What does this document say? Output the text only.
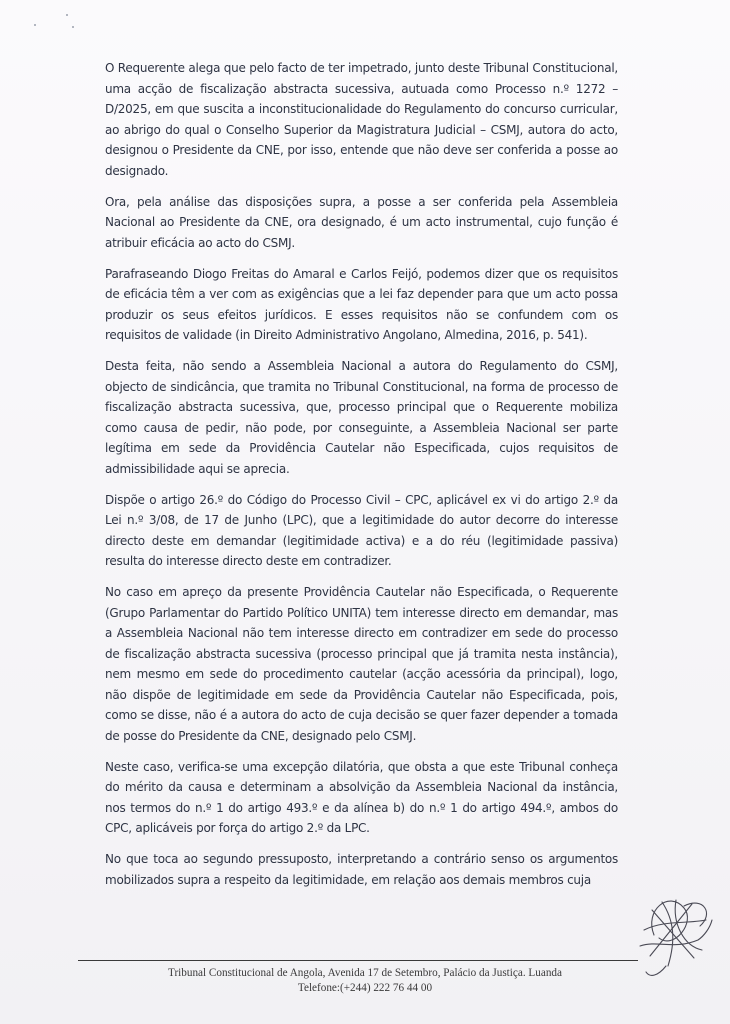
O Requerente alega que pelo facto de ter impetrado, junto deste Tribunal Constitucional, uma acção de fiscalização abstracta sucessiva, autuada como Processo n.º 1272 – D/2025, em que suscita a inconstitucionalidade do Regulamento do concurso curricular, ao abrigo do qual o Conselho Superior da Magistratura Judicial – CSMJ, autora do acto, designou o Presidente da CNE, por isso, entende que não deve ser conferida a posse ao designado.

Ora, pela análise das disposições supra, a posse a ser conferida pela Assembleia Nacional ao Presidente da CNE, ora designado, é um acto instrumental, cujo função é atribuir eficácia ao acto do CSMJ.

Parafraseando Diogo Freitas do Amaral e Carlos Feijó, podemos dizer que os requisitos de eficácia têm a ver com as exigências que a lei faz depender para que um acto possa produzir os seus efeitos jurídicos. E esses requisitos não se confundem com os requisitos de validade (in Direito Administrativo Angolano, Almedina, 2016, p. 541).

Desta feita, não sendo a Assembleia Nacional a autora do Regulamento do CSMJ, objecto de sindicância, que tramita no Tribunal Constitucional, na forma de processo de fiscalização abstracta sucessiva, que, processo principal que o Requerente mobiliza como causa de pedir, não pode, por conseguinte, a Assembleia Nacional ser parte legítima em sede da Providência Cautelar não Especificada, cujos requisitos de admissibilidade aqui se aprecia.

Dispõe o artigo 26.º do Código do Processo Civil – CPC, aplicável ex vi do artigo 2.º da Lei n.º 3/08, de 17 de Junho (LPC), que a legitimidade do autor decorre do interesse directo deste em demandar (legitimidade activa) e a do réu (legitimidade passiva) resulta do interesse directo deste em contradizer.

No caso em apreço da presente Providência Cautelar não Especificada, o Requerente (Grupo Parlamentar do Partido Político UNITA) tem interesse directo em demandar, mas a Assembleia Nacional não tem interesse directo em contradizer em sede do processo de fiscalização abstracta sucessiva (processo principal que já tramita nesta instância), nem mesmo em sede do procedimento cautelar (acção acessória da principal), logo, não dispõe de legitimidade em sede da Providência Cautelar não Especificada, pois, como se disse, não é a autora do acto de cuja decisão se quer fazer depender a tomada de posse do Presidente da CNE, designado pelo CSMJ.

Neste caso, verifica-se uma excepção dilatória, que obsta a que este Tribunal conheça do mérito da causa e determinam a absolvição da Assembleia Nacional da instância, nos termos do n.º 1 do artigo 493.º e da alínea b) do n.º 1 do artigo 494.º, ambos do CPC, aplicáveis por força do artigo 2.º da LPC.

No que toca ao segundo pressuposto, interpretando a contrário senso os argumentos mobilizados supra a respeito da legitimidade, em relação aos demais membros cuja

Tribunal Constitucional de Angola, Avenida 17 de Setembro, Palácio da Justiça. Luanda
Telefone:(+244) 222 76 44 00
